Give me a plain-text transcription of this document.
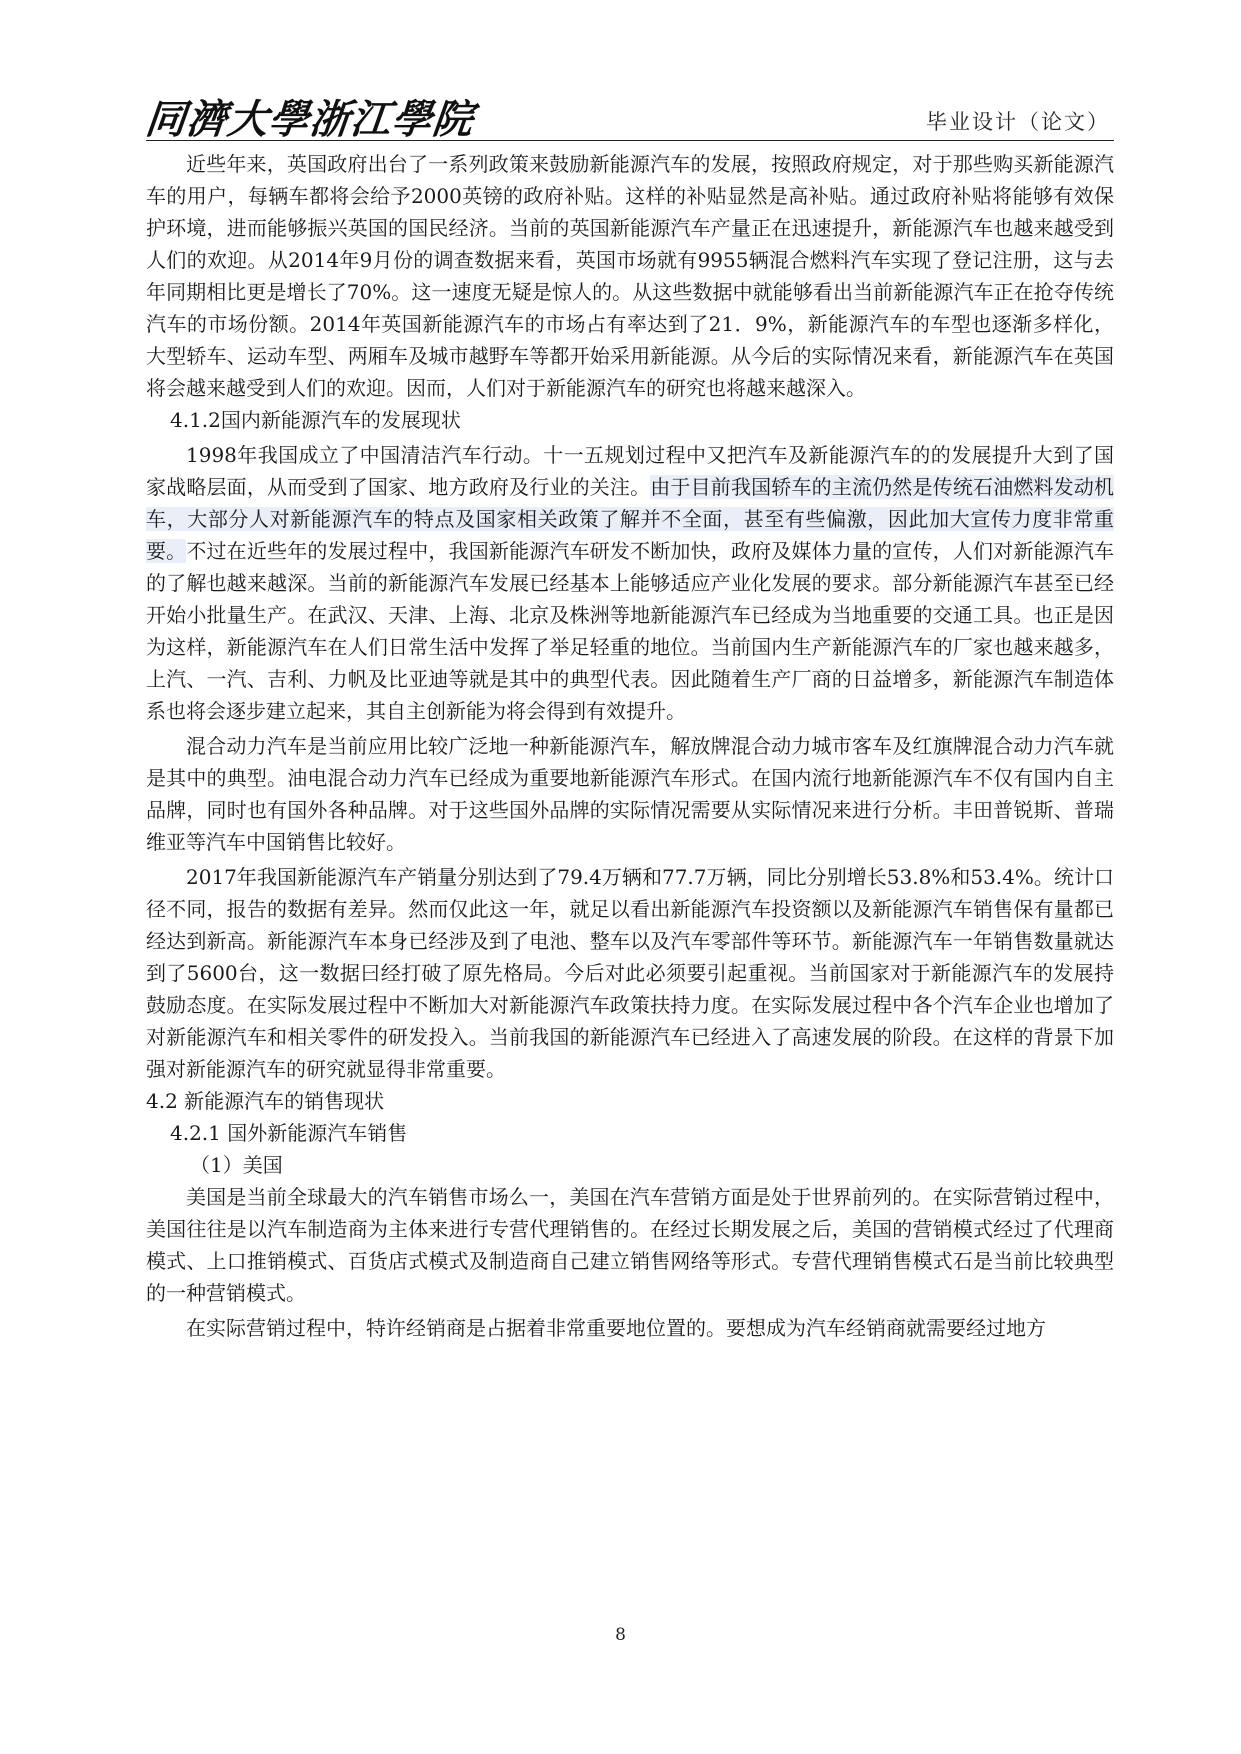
同濟大學浙江學院	毕业设计（论文）

近些年来，英国政府出台了一系列政策来鼓励新能源汽车的发展，按照政府规定，对于那些购买新能源汽车的用户，每辆车都将会给予2000英镑的政府补贴。这样的补贴显然是高补贴。通过政府补贴将能够有效保护环境，进而能够振兴英国的国民经济。当前的英国新能源汽车产量正在迅速提升，新能源汽车也越来越受到人们的欢迎。从2014年9月份的调查数据来看，英国市场就有9955辆混合燃料汽车实现了登记注册，这与去年同期相比更是增长了70%。这一速度无疑是惊人的。从这些数据中就能够看出当前新能源汽车正在抢夺传统汽车的市场份额。2014年英国新能源汽车的市场占有率达到了21．9%，新能源汽车的车型也逐渐多样化，大型轿车、运动车型、两厢车及城市越野车等都开始采用新能源。从今后的实际情况来看，新能源汽车在英国将会越来越受到人们的欢迎。因而，人们对于新能源汽车的研究也将越来越深入。

4.1.2国内新能源汽车的发展现状

1998年我国成立了中国清洁汽车行动。十一五规划过程中又把汽车及新能源汽车的的发展提升大到了国家战略层面，从而受到了国家、地方政府及行业的关注。由于目前我国轿车的主流仍然是传统石油燃料发动机车，大部分人对新能源汽车的特点及国家相关政策了解并不全面，甚至有些偏激，因此加大宣传力度非常重要。不过在近些年的发展过程中，我国新能源汽车研发不断加快，政府及媒体力量的宣传，人们对新能源汽车的了解也越来越深。当前的新能源汽车发展已经基本上能够适应产业化发展的要求。部分新能源汽车甚至已经开始小批量生产。在武汉、天津、上海、北京及株洲等地新能源汽车已经成为当地重要的交通工具。也正是因为这样，新能源汽车在人们日常生活中发挥了举足轻重的地位。当前国内生产新能源汽车的厂家也越来越多，上汽、一汽、吉利、力帆及比亚迪等就是其中的典型代表。因此随着生产厂商的日益增多，新能源汽车制造体系也将会逐步建立起来，其自主创新能为将会得到有效提升。

混合动力汽车是当前应用比较广泛地一种新能源汽车，解放牌混合动力城市客车及红旗牌混合动力汽车就是其中的典型。油电混合动力汽车已经成为重要地新能源汽车形式。在国内流行地新能源汽车不仅有国内自主品牌，同时也有国外各种品牌。对于这些国外品牌的实际情况需要从实际情况来进行分析。丰田普锐斯、普瑞维亚等汽车中国销售比较好。

2017年我国新能源汽车产销量分别达到了79.4万辆和77.7万辆，同比分别增长53.8%和53.4%。统计口径不同，报告的数据有差异。然而仅此这一年，就足以看出新能源汽车投资额以及新能源汽车销售保有量都已经达到新高。新能源汽车本身已经涉及到了电池、整车以及汽车零部件等环节。新能源汽车一年销售数量就达到了5600台，这一数据曰经打破了原先格局。今后对此必须要引起重视。当前国家对于新能源汽车的发展持鼓励态度。在实际发展过程中不断加大对新能源汽车政策扶持力度。在实际发展过程中各个汽车企业也增加了对新能源汽车和相关零件的研发投入。当前我国的新能源汽车已经进入了高速发展的阶段。在这样的背景下加强对新能源汽车的研究就显得非常重要。

4.2 新能源汽车的销售现状
4.2.1 国外新能源汽车销售
（1）美国

美国是当前全球最大的汽车销售市场么一，美国在汽车营销方面是处于世界前列的。在实际营销过程中，美国往往是以汽车制造商为主体来进行专营代理销售的。在经过长期发展之后，美国的营销模式经过了代理商模式、上口推销模式、百货店式模式及制造商自己建立销售网络等形式。专营代理销售模式石是当前比较典型的一种营销模式。

在实际营销过程中，特许经销商是占据着非常重要地位置的。要想成为汽车经销商就需要经过地方

8
